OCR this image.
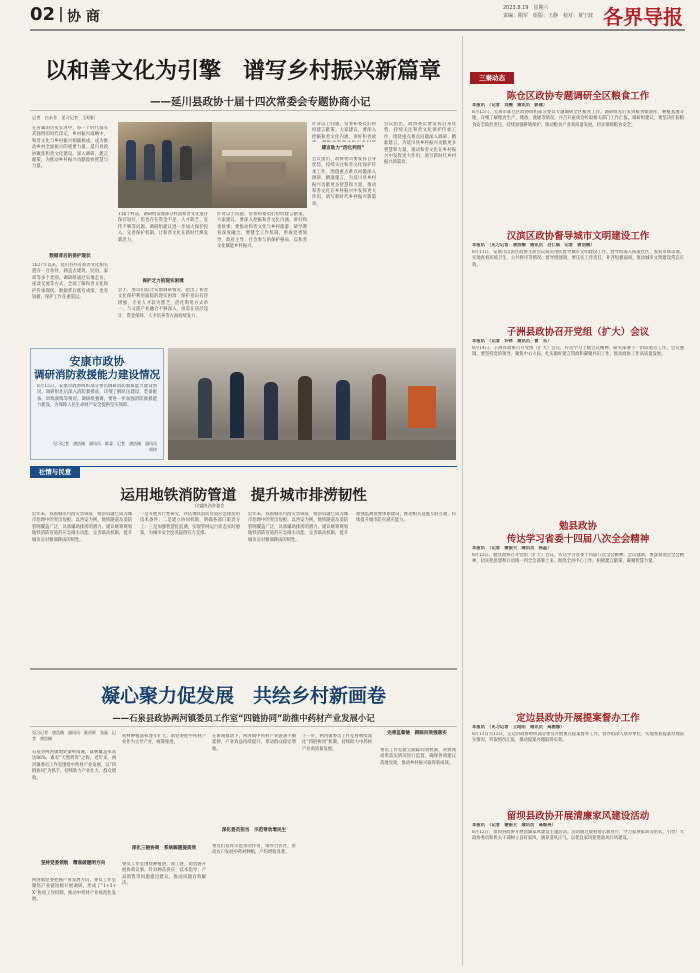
02 协 商
2023.8.19　星期六
责编：隋军　组版：王静　校对：黄宁波 各界导报
以和善文化为引擎　谱写乡村振兴新篇章
——延川县政协十届十四次常委会专题协商小记
记者　白永芳　见习记者　王昭阳
在省属的历史长河中，每一个时代都有其独特的时代印记，乡村振兴战略中，和善文化与乡村振兴相辅相成，成为推动乡村全面振兴的重要力量。延川县政协聚焦和善文化建设，深入调研，建言献策，为推动乡村振兴贡献政协智慧与力量。
数据背后的保护现状
1627年以来，延川县共有和善文化相关遗存一百余处，涵盖古建筑、民俗、家训等多个类别。调研组通过实地走访、座谈交流等方式，全面了解和善文化保护传承现状。数据背后既有成绩，也有短板，保护工作任重道远。
116个村落，调研组发现部分村落和善文化遗存保存较好，但也存在资金不足、人才缺乏、宣传不够等问题。调研组建议进一步加大保护投入，完善保护机制，让和善文化在新时代焕发新活力。
保护乏力的现实困境
会上，委员们结合实地调研情况，指出了和善文化保护利用面临的现实困境：保护意识有待增强，专业人才较为匮乏，活化利用方式单一，与文旅产业融合不够深入，亟需在顶层设计、资金保障、人才培养等方面持续发力。
针对以上问题，常委和委员们纷纷建言献策。大家建议，要深入挖掘和善文化内涵，讲好和善故事；要推动和善文化与乡村旅游、研学教育深度融合；要健全工作机制，形成党委领导、政府主导、社会参与的保护格局，以和善文化赋能乡村振兴。
建言助力“活化利用”
针对以上问题，常委和委员们纷纷建言献策。大家建议，要深入挖掘和善文化内涵，讲好和善故
会议指出，政协委员要发挥自身优势，持续关注和善文化保护传承工作，围绕重点难点问题深入调研、精准建言，为延川县乡村振兴贡献更多智慧和力量，推动和善文化在乡村振兴中发挥更大作用，谱写新时代乡村振兴新篇章。
会议指出，政协委员要发挥自身优势，持续关注和善文化保护传承工作，围绕重点难点问题深入调研、精准建言，为延川县乡村振兴贡献更多智慧和力量，推动和善文化在乡村振兴中发挥更大作用，谱写新时代乡村振兴新篇章。
安康市政协
调研消防救援能力建设情况
8月15日，安康市政协组织部分委员调研消防救援能力建设情况。调研组先后深入消防救援站，详细了解队伍建设、装备配备、训练演练等情况。调研组强调，要进一步加强消防救援能力建设，为保障人民生命财产安全提供坚实保障。
见习记者　唐浩楠　通讯员　陈睿　记者　唐浩楠　通讯员　周炜
社情与民意
运用地铁消防管道　提升城市排涝韧性
民盟陕西省委会
近年来，我国城市内涝灾害频发，排涝问题已成为城市治理中的突出短板。以西安为例，地铁隧道及消防管网覆盖广泛，具备辅助排涝的潜力。建议统筹规划地铁消防管道的应急排水功能，完善联动机制，提升城市应对极端降雨的韧性。
一是开展可行性研究，评估地铁消防管道应急排涝的技术条件；二是建立协同机制，明确各部门职责分工；三是加强智慧化监测，实现管网运行状态实时感知，为城市安全度汛提供有力支撑。
近年来，我国城市内涝灾害频发，排涝问题已成为城市治理中的突出短板。以西安为例，地铁隧道及消防管网覆盖广泛，具备辅助排涝的潜力。建议统筹规划地铁消防管道的应急排水功能，完善联动机制，提升城市应对极端降雨的韧性。
加强监测预警体系建设，推动相关设施互联互通，持续提升城市防灾减灾能力。
凝心聚力促发展　共绘乡村新画卷
——石泉县政协两河镇委员工作室“四链协同”助推中药材产业发展小记
见习记者　唐浩楠　通讯员　陈昌辉　张磊　记者　唐浩楠
石泉县两河镇地处秦岭南麓，森林覆盖率高达86%，素有“天然药库”之称。近年来，两河镇委员工作室围绕中药材产业发展，以“四链协同”为抓手，持续助力产业壮大、群众增收。
坚持党委领航　精准破题明方向
两河镇党委把握产业发展方向，委员工作室聚焦产业链短板开展调研，形成了“1+3+X”协同工作机制，推动中药材产业规范化发展。
药材种植面积逐年扩大，镇党委把中药材产业作为主导产业，统筹推进。
深化三链协商　系统解题提质效
委员工作室围绕种植链、加工链、销售链开展协商议事，针对种苗供应、技术指导、产品销售等问题提出建议，推动问题有效解决。
在协商推动下，两河镇中药材产业链条不断延伸，产业效益持续提升，带动群众稳定增收。
深化委员担当　示范带动增民生
委员们发挥示范带动作用，领办合作社，带动农户发展中药材种植，户均增收显著。
下一步，两河镇委员工作室将继续深化“四链协同”机制，持续助力中药材产业高质量发展。
完善监督链　跟踪问效强落实
委员工作室建立跟踪问效机制，对协商成果落实情况进行监督，确保各项建议落地见效，推动乡村振兴取得新成效。
三秦动态
陈仓区政协专题调研全区粮食工作
本报讯　（记者　刘楠　通讯员　郭燕）
8月15日，宝鸡市陈仓区政协组织部分委员专题调研全区粮食工作。调研组先后来到粮食储备库、种植基地等地，详细了解粮食生产、储备、流通等情况，并召开座谈会听取相关部门工作汇报。调研组建议，要坚决扛稳粮食安全政治责任，持续加强耕地保护，推动粮食产业高质量发展，切实保障粮食安全。
汉滨区政协督导城市文明建设工作
本报讯　（见习记者　唐浩楠　通讯员　吕仁斌　记者　唐浩楠）
8月11日，安康市汉滨区政协主席会议成员带队督导城市文明建设工作。督导组深入街道社区、农贸市场等地，实地查看环境卫生、公共秩序等情况。督导组强调，要压实工作责任，补齐短板弱项，推动城市文明建设常态长效。
子洲县政协召开党组（扩大）会议
本报讯　（记者　许林　通讯员　曹　东）
8月14日，子洲县政协召开党组（扩大）会议，传达学习上级会议精神，研究部署下一阶段重点工作。会议强调，要坚持党的领导，聚焦中心大局，扎实做好建言资政和凝聚共识工作，推动政协工作高质量发展。
勉县政协
传达学习省委十四届八次全会精神
本报讯　（记者　谢振天　通讯员　杨蕊）
8月15日，勉县政协召开党组（扩大）会议，传达学习省委十四届八次全会精神。会议强调，要深刻领会全会精神，切实把思想和行动统一到全会部署上来，围绕全县中心工作，积极建言献策，凝聚智慧力量。
定边县政协开展提案督办工作
本报讯　（见习记者　王昭阳　通讯员　高雅娜）
8月11日至15日，定边县政协组织部分委员开展重点提案督办工作。督办组深入承办单位，实地查看提案办理落实情况，听取情况汇报，推动提案办理取得实效。
留坝县政协开展清廉家风建设活动
本报讯　（记者　谢振天　通讯员　高维亮）
8月12日，留坝县政协开展清廉家风建设主题活动。活动通过观看警示教育片、学习家规家训等形式，引导广大政协委员和机关干部树立良好家风，涵养清风正气，以优良家风促进政风行风建设。
